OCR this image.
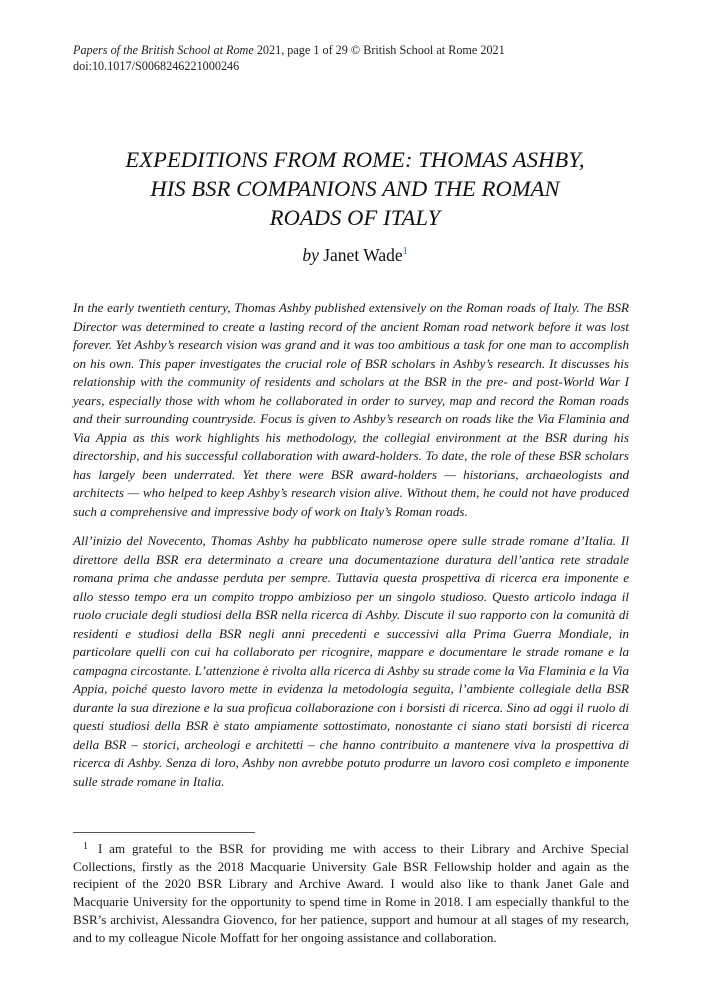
Papers of the British School at Rome 2021, page 1 of 29 © British School at Rome 2021
doi:10.1017/S0068246221000246
EXPEDITIONS FROM ROME: THOMAS ASHBY,
HIS BSR COMPANIONS AND THE ROMAN
ROADS OF ITALY
by Janet Wade$^1$

In the early twentieth century, Thomas Ashby published extensively on the Roman roads of Italy. The BSR Director was determined to create a lasting record of the ancient Roman road network before it was lost forever. Yet Ashby’s research vision was grand and it was too ambitious a task for one man to accomplish on his own. This paper investigates the crucial role of BSR scholars in Ashby’s research. It discusses his relationship with the community of residents and scholars at the BSR in the pre- and post-World War I years, especially those with whom he collaborated in order to survey, map and record the Roman roads and their surrounding countryside. Focus is given to Ashby’s research on roads like the Via Flaminia and Via Appia as this work highlights his methodology, the collegial environment at the BSR during his directorship, and his successful collaboration with award-holders. To date, the role of these BSR scholars has largely been underrated. Yet there were BSR award-holders — historians, archaeologists and architects — who helped to keep Ashby’s research vision alive. Without them, he could not have produced such a comprehensive and impressive body of work on Italy’s Roman roads.

All’inizio del Novecento, Thomas Ashby ha pubblicato numerose opere sulle strade romane d’Italia. Il direttore della BSR era determinato a creare una documentazione duratura dell’antica rete stradale romana prima che andasse perduta per sempre. Tuttavia questa prospettiva di ricerca era imponente e allo stesso tempo era un compito troppo ambizioso per un singolo studioso. Questo articolo indaga il ruolo cruciale degli studiosi della BSR nella ricerca di Ashby. Discute il suo rapporto con la comunità di residenti e studiosi della BSR negli anni precedenti e successivi alla Prima Guerra Mondiale, in particolare quelli con cui ha collaborato per ricognire, mappare e documentare le strade romane e la campagna circostante. L’attenzione è rivolta alla ricerca di Ashby su strade come la Via Flaminia e la Via Appia, poiché questo lavoro mette in evidenza la metodologia seguita, l’ambiente collegiale della BSR durante la sua direzione e la sua proficua collaborazione con i borsisti di ricerca. Sino ad oggi il ruolo di questi studiosi della BSR è stato ampiamente sottostimato, nonostante ci siano stati borsisti di ricerca della BSR – storici, archeologi e architetti – che hanno contribuito a mantenere viva la prospettiva di ricerca di Ashby. Senza di loro, Ashby non avrebbe potuto produrre un lavoro così completo e imponente sulle strade romane in Italia.

$^1$ I am grateful to the BSR for providing me with access to their Library and Archive Special Collections, firstly as the 2018 Macquarie University Gale BSR Fellowship holder and again as the recipient of the 2020 BSR Library and Archive Award. I would also like to thank Janet Gale and Macquarie University for the opportunity to spend time in Rome in 2018. I am especially thankful to the BSR’s archivist, Alessandra Giovenco, for her patience, support and humour at all stages of my research, and to my colleague Nicole Moffatt for her ongoing assistance and collaboration.
